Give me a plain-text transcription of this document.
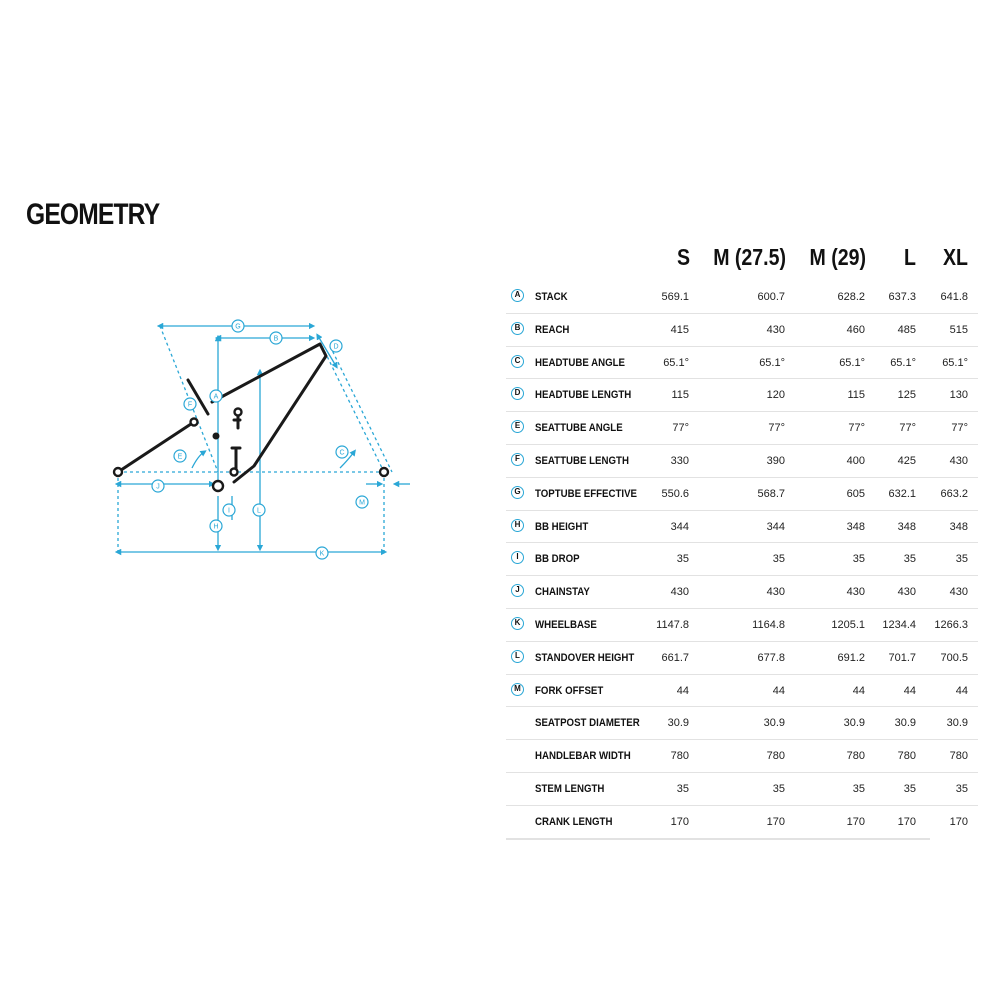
GEOMETRY
A
B
C
D
E
F
G
H
I
J
K
L
M
S	M (27.5)	M (29)	L	XL
A	STACK	569.1	600.7	628.2	637.3	641.8
B	REACH	415	430	460	485	515
C	HEADTUBE ANGLE	65.1°	65.1°	65.1°	65.1°	65.1°
D	HEADTUBE LENGTH	115	120	115	125	130
E	SEATTUBE ANGLE	77°	77°	77°	77°	77°
F	SEATTUBE LENGTH	330	390	400	425	430
G	TOPTUBE EFFECTIVE	550.6	568.7	605	632.1	663.2
H	BB HEIGHT	344	344	348	348	348
I	BB DROP	35	35	35	35	35
J	CHAINSTAY	430	430	430	430	430
K	WHEELBASE	1147.8	1164.8	1205.1	1234.4	1266.3
L	STANDOVER HEIGHT	661.7	677.8	691.2	701.7	700.5
M FORK OFFSET	44	44	44	44	44
SEATPOST DIAMETER	30.9	30.9	30.9	30.9	30.9
HANDLEBAR WIDTH	780	780	780	780	780
STEM LENGTH	35	35	35	35	35
CRANK LENGTH	170	170	170	170	170
